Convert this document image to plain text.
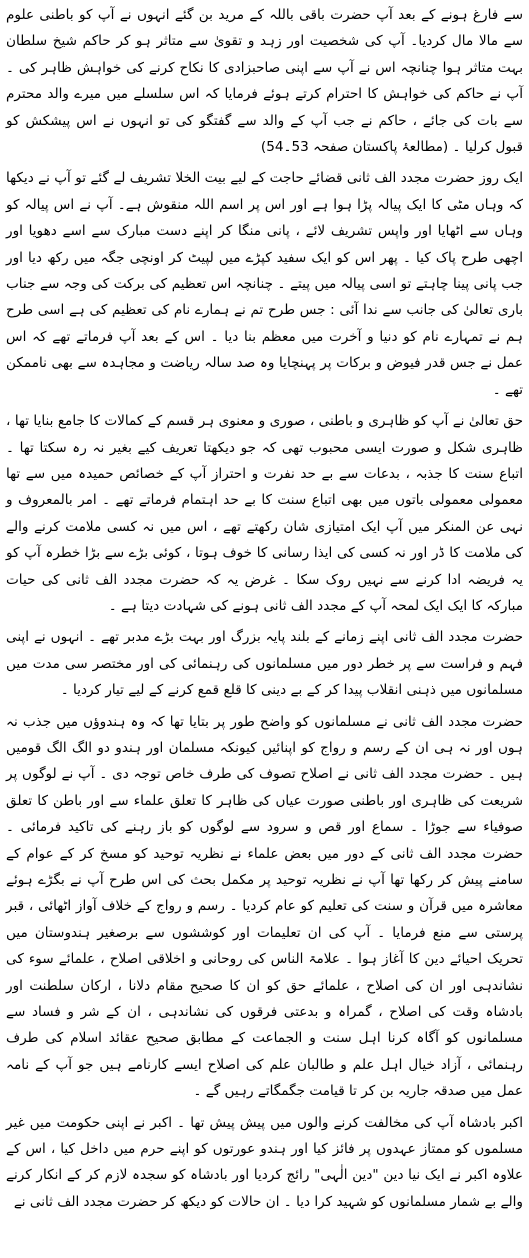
سے فارغ ہونے کے بعد آپ حضرت باقی باللہ کے مرید بن گئے انہوں نے آپ کو باطنی علوم سے مالا مال کردیا۔ آپ کی شخصیت اور زہد و تقویٰ سے متاثر ہو کر حاکم شیخ سلطان بہت متاثر ہوا چنانچہ اس نے آپ سے اپنی صاحبزادی کا نکاح کرنے کی خواہش ظاہر کی ۔ آپ نے حاکم کی خواہش کا احترام کرتے ہوئے فرمایا کہ اس سلسلے میں میرے والد محترم سے بات کی جائے ، حاکم نے جب آپ کے والد سے گفتگو کی تو انہوں نے اس پیشکش کو قبول کرلیا ۔ (مطالعۂ پاکستان صفحہ 53۔54)

ایک روز حضرت مجدد الف ثانی قضائے حاجت کے لیے بیت الخلا تشریف لے گئے تو آپ نے دیکھا کہ وہاں مٹی کا ایک پیالہ پڑا ہوا ہے اور اس پر اسم اللہ منقوش ہے۔ آپ نے اس پیالہ کو وہاں سے اٹھایا اور واپس تشریف لائے ، پانی منگا کر اپنے دست مبارک سے اسے دھویا اور اچھی طرح پاک کیا ۔ پھر اس کو ایک سفید کپڑے میں لپیٹ کر اونچی جگہ میں رکھ دیا اور جب پانی پینا چاہتے تو اسی پیالہ میں پیتے ۔ چنانچہ اس تعظیم کی برکت کی وجہ سے جناب باری تعالیٰ کی جانب سے ندا آئی : جس طرح تم نے ہمارے نام کی تعظیم کی ہے اسی طرح ہم نے تمہارے نام کو دنیا و آخرت میں معظم بنا دیا ۔ اس کے بعد آپ فرماتے تھے کہ اس عمل نے جس قدر فیوض و برکات پر پہنچایا وہ صد سالہ ریاضت و مجاہدہ سے بھی ناممکن تھے ۔

حق تعالیٰ نے آپ کو ظاہری و باطنی ، صوری و معنوی ہر قسم کے کمالات کا جامع بنایا تھا ، ظاہری شکل و صورت ایسی محبوب تھی کہ جو دیکھتا تعریف کیے بغیر نہ رہ سکتا تھا ۔ اتباع سنت کا جذبہ ، بدعات سے بے حد نفرت و احتراز آپ کے خصائص حمیدہ میں سے تھا معمولی معمولی باتوں میں بھی اتباع سنت کا بے حد اہتمام فرماتے تھے ۔ امر بالمعروف و نہی عن المنکر میں آپ ایک امتیازی شان رکھتے تھے ، اس میں نہ کسی ملامت کرنے والے کی ملامت کا ڈر اور نہ کسی کی ایذا رسانی کا خوف ہوتا ، کوئی بڑے سے بڑا خطرہ آپ کو یہ فریضہ ادا کرنے سے نہیں روک سکا ۔ غرض یہ کہ حضرت مجدد الف ثانی کی حیات مبارکہ کا ایک ایک لمحہ آپ کے مجدد الف ثانی ہونے کی شہادت دیتا ہے ۔

حضرت مجدد الف ثانی اپنے زمانے کے بلند پایہ بزرگ اور بہت بڑے مدبر تھے ۔ انہوں نے اپنی فہم و فراست سے پر خطر دور میں مسلمانوں کی رہنمائی کی اور مختصر سی مدت میں مسلمانوں میں ذہنی انقلاب پیدا کر کے بے دینی کا قلع قمع کرنے کے لیے تیار کردیا ۔

حضرت مجدد الف ثانی نے مسلمانوں کو واضح طور پر بتایا تھا کہ وہ ہندوؤں میں جذب نہ ہوں اور نہ ہی ان کے رسم و رواج کو اپنائیں کیونکہ مسلمان اور ہندو دو الگ الگ قومیں ہیں ۔ حضرت مجدد الف ثانی نے اصلاح تصوف کی طرف خاص توجہ دی ۔ آپ نے لوگوں پر شریعت کی ظاہری اور باطنی صورت عیاں کی ظاہر کا تعلق علماء سے اور باطن کا تعلق صوفیاء سے جوڑا ۔ سماع اور قص و سرود سے لوگوں کو باز رہنے کی تاکید فرمائی ۔ حضرت مجدد الف ثانی کے دور میں بعض علماء نے نظریہ توحید کو مسخ کر کے عوام کے سامنے پیش کر رکھا تھا آپ نے نظریہ توحید پر مکمل بحث کی اس طرح آپ نے بگڑے ہوئے معاشرہ میں قرآن و سنت کی تعلیم کو عام کردیا ۔ رسم و رواج کے خلاف آواز اٹھائی ، قبر پرستی سے منع فرمایا ۔ آپ کی ان تعلیمات اور کوششوں سے برصغیر ہندوستان میں تحریک احیائے دین کا آغاز ہوا ۔ علامۃ الناس کی روحانی و اخلاقی اصلاح ، علمائے سوء کی نشاندہی اور ان کی اصلاح ، علمائے حق کو ان کا صحیح مقام دلانا ، ارکان سلطنت اور بادشاہ وقت کی اصلاح ، گمراہ و بدعتی فرقوں کی نشاندہی ، ان کے شر و فساد سے مسلمانوں کو آگاہ کرنا اہل سنت و الجماعت کے مطابق صحیح عقائد اسلام کی طرف رہنمائی ، آزاد خیال اہل علم و طالبان علم کی اصلاح ایسے کارنامے ہیں جو آپ کے نامہ عمل میں صدقہ جاریہ بن کر تا قیامت جگمگاتے رہیں گے ۔

اکبر بادشاہ آپ کی مخالفت کرنے والوں میں پیش پیش تھا ۔ اکبر نے اپنی حکومت میں غیر مسلموں کو ممتاز عہدوں پر فائز کیا اور ہندو عورتوں کو اپنے حرم میں داخل کیا ، اس کے علاوہ اکبر نے ایک نیا دین "دین الٰہی" رائج کردیا اور بادشاہ کو سجدہ لازم کر کے انکار کرنے والے بے شمار مسلمانوں کو شہید کرا دیا ۔ ان حالات کو دیکھ کر حضرت مجدد الف ثانی نے
